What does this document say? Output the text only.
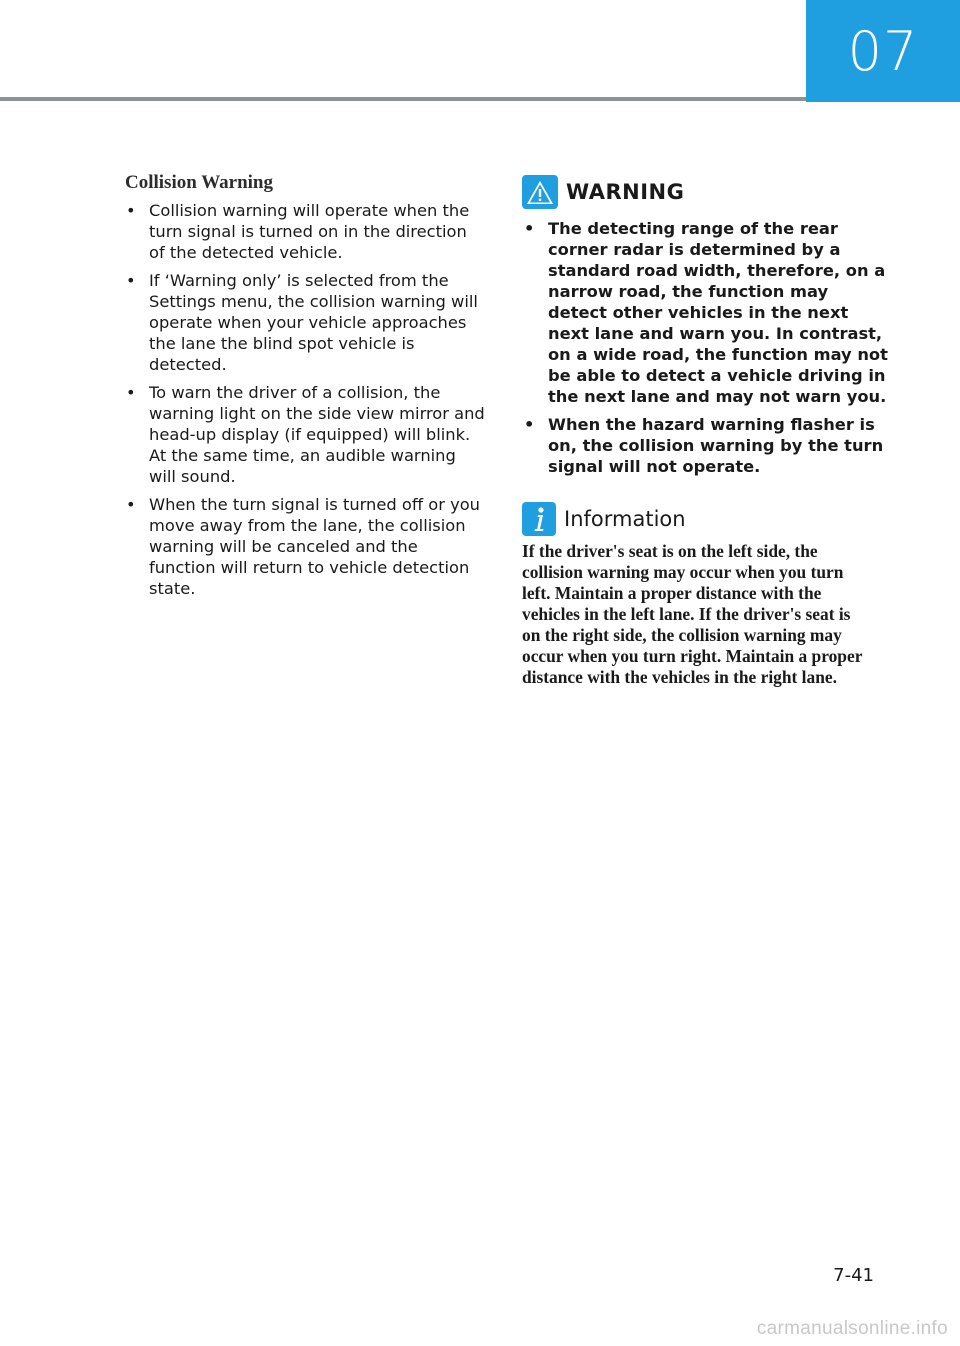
07
Collision Warning
• Collision warning will operate when the turn signal is turned on in the direction of the detected vehicle.
• If ‘Warning only’ is selected from the Settings menu, the collision warning will operate when your vehicle approaches the lane the blind spot vehicle is detected.
• To warn the driver of a collision, the warning light on the side view mirror and head-up display (if equipped) will blink. At the same time, an audible warning will sound.
• When the turn signal is turned off or you move away from the lane, the collision warning will be canceled and the function will return to vehicle detection state.
WARNING
• The detecting range of the rear corner radar is determined by a standard road width, therefore, on a narrow road, the function may detect other vehicles in the next next lane and warn you. In contrast, on a wide road, the function may not be able to detect a vehicle driving in the next lane and may not warn you.
• When the hazard warning flasher is on, the collision warning by the turn signal will not operate.
Information

If the driver's seat is on the left side, the collision warning may occur when you turn left. Maintain a proper distance with the vehicles in the left lane. If the driver's seat is on the right side, the collision warning may occur when you turn right. Maintain a proper distance with the vehicles in the right lane.

7-41
carmanualsonline.info
